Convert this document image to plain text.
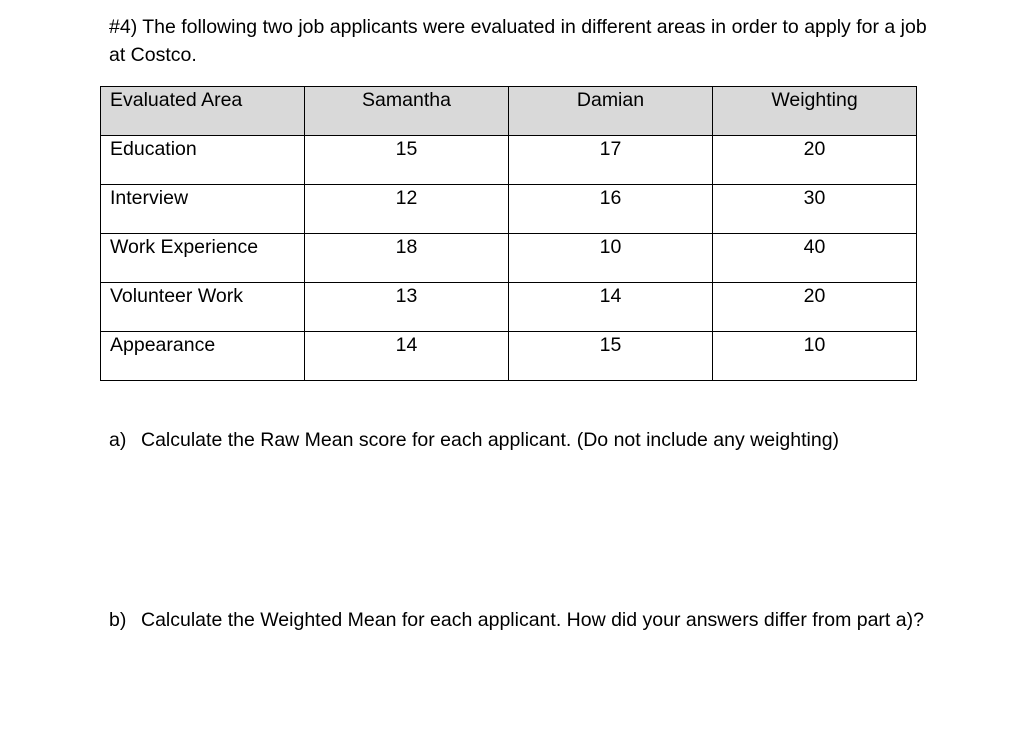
#4) The following two job applicants were evaluated in different areas in order to apply for a job at Costco.
Evaluated Area	Samantha	Damian	Weighting
Education	15	17	20
Interview	12	16	30
Work Experience	18	10	40
Volunteer Work	13	14	20
Appearance	14	15	10
a) Calculate the Raw Mean score for each applicant. (Do not include any weighting)
b) Calculate the Weighted Mean for each applicant. How did your answers differ from part a)?
